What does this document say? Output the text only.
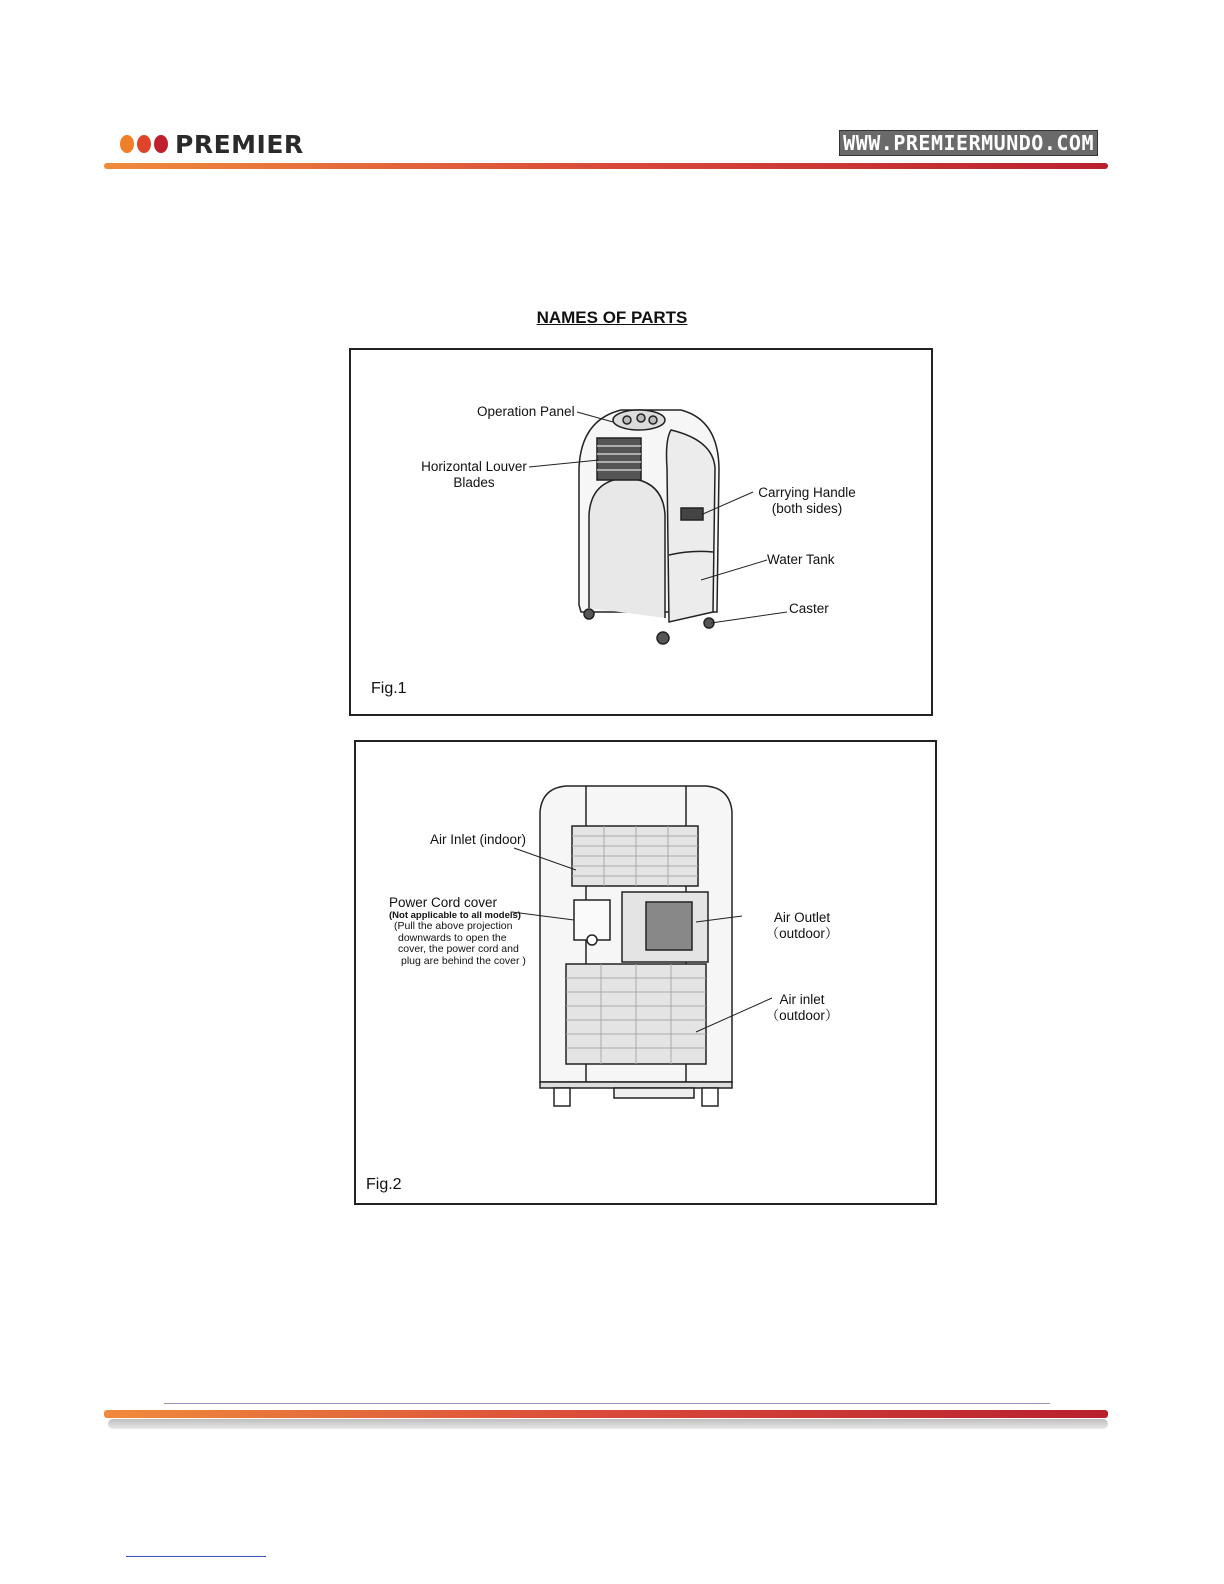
PREMIER	WWW.PREMIERMUNDO.COM
NAMES OF PARTS
Operation Panel
Horizontal Louver
Blades
Carrying Handle
(both sides)
Water Tank
Caster
Fig.1
Air Inlet (indoor)
Power Cord cover
(Not applicable to all models)
(Pull the above projection
downwards to open the
cover, the power cord and
plug are behind the cover )
Air Outlet
（outdoor）
Air inlet
（outdoor）
Fig.2
